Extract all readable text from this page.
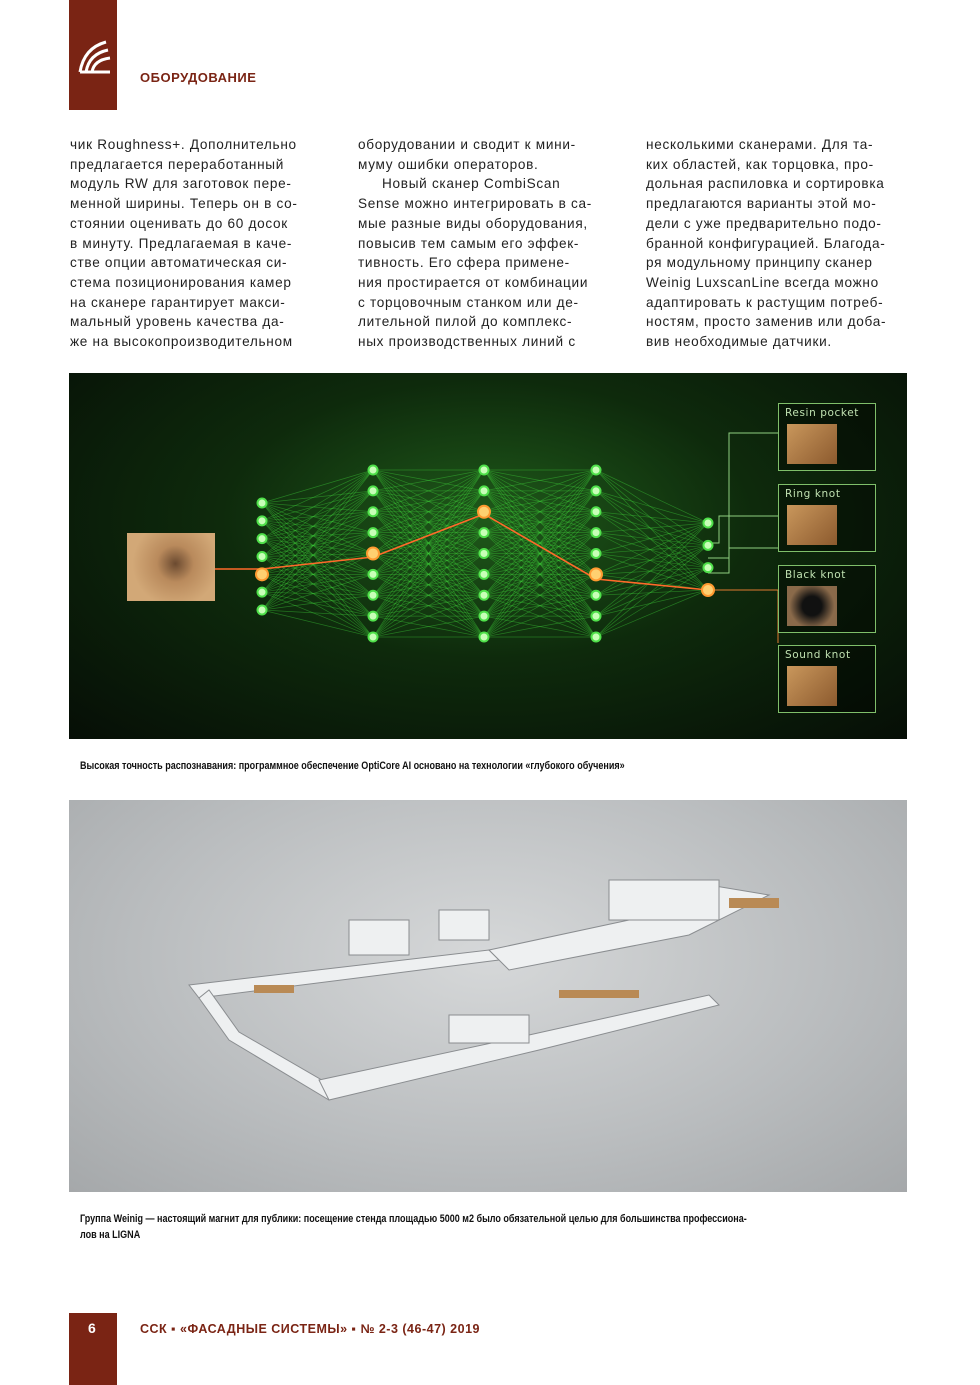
ОБОРУДОВАНИЕ

чик Roughness+. Дополнительно

предлагается переработанный

модуль RW для заготовок пере-

менной ширины. Теперь он в со-

стоянии оценивать до 60 досок

в минуту. Предлагаемая в каче-

стве опции автоматическая си-

стема позиционирования камер

на сканере гарантирует макси-

мальный уровень качества да-

же на высокопроизводительном

оборудовании и сводит к мини-

муму ошибки операторов.

Новый сканер CombiScan

Sense можно интегрировать в са-

мые разные виды оборудования,

повысив тем самым его эффек-

тивность. Его сфера примене-

ния простирается от комбинации

с торцовочным станком или де-

лительной пилой до комплекс-

ных производственных линий с

несколькими сканерами. Для та-

ких областей, как торцовка, про-

дольная распиловка и сортировка

предлагаются варианты этой мо-

дели с уже предварительно подо-

бранной конфигурацией. Благода-

ря модульному принципу сканер

Weinig LuxscanLine всегда можно

адаптировать к растущим потреб-

ностям, просто заменив или доба-

вив необходимые датчики.

Resin pocket
Ring knot
Black knot
Sound knot
Высокая точность распознавания: программное обеспечение OptiCore AI основано на технологии «глубокого обучения»
Группа Weinig — настоящий магнит для публики: посещение стенда площадью 5000 м2 было обязательной целью для большинства профессиона-
лов на LIGNA
6	ССК ▪ «ФАСАДНЫЕ СИСТЕМЫ» ▪ № 2-3 (46-47) 2019
